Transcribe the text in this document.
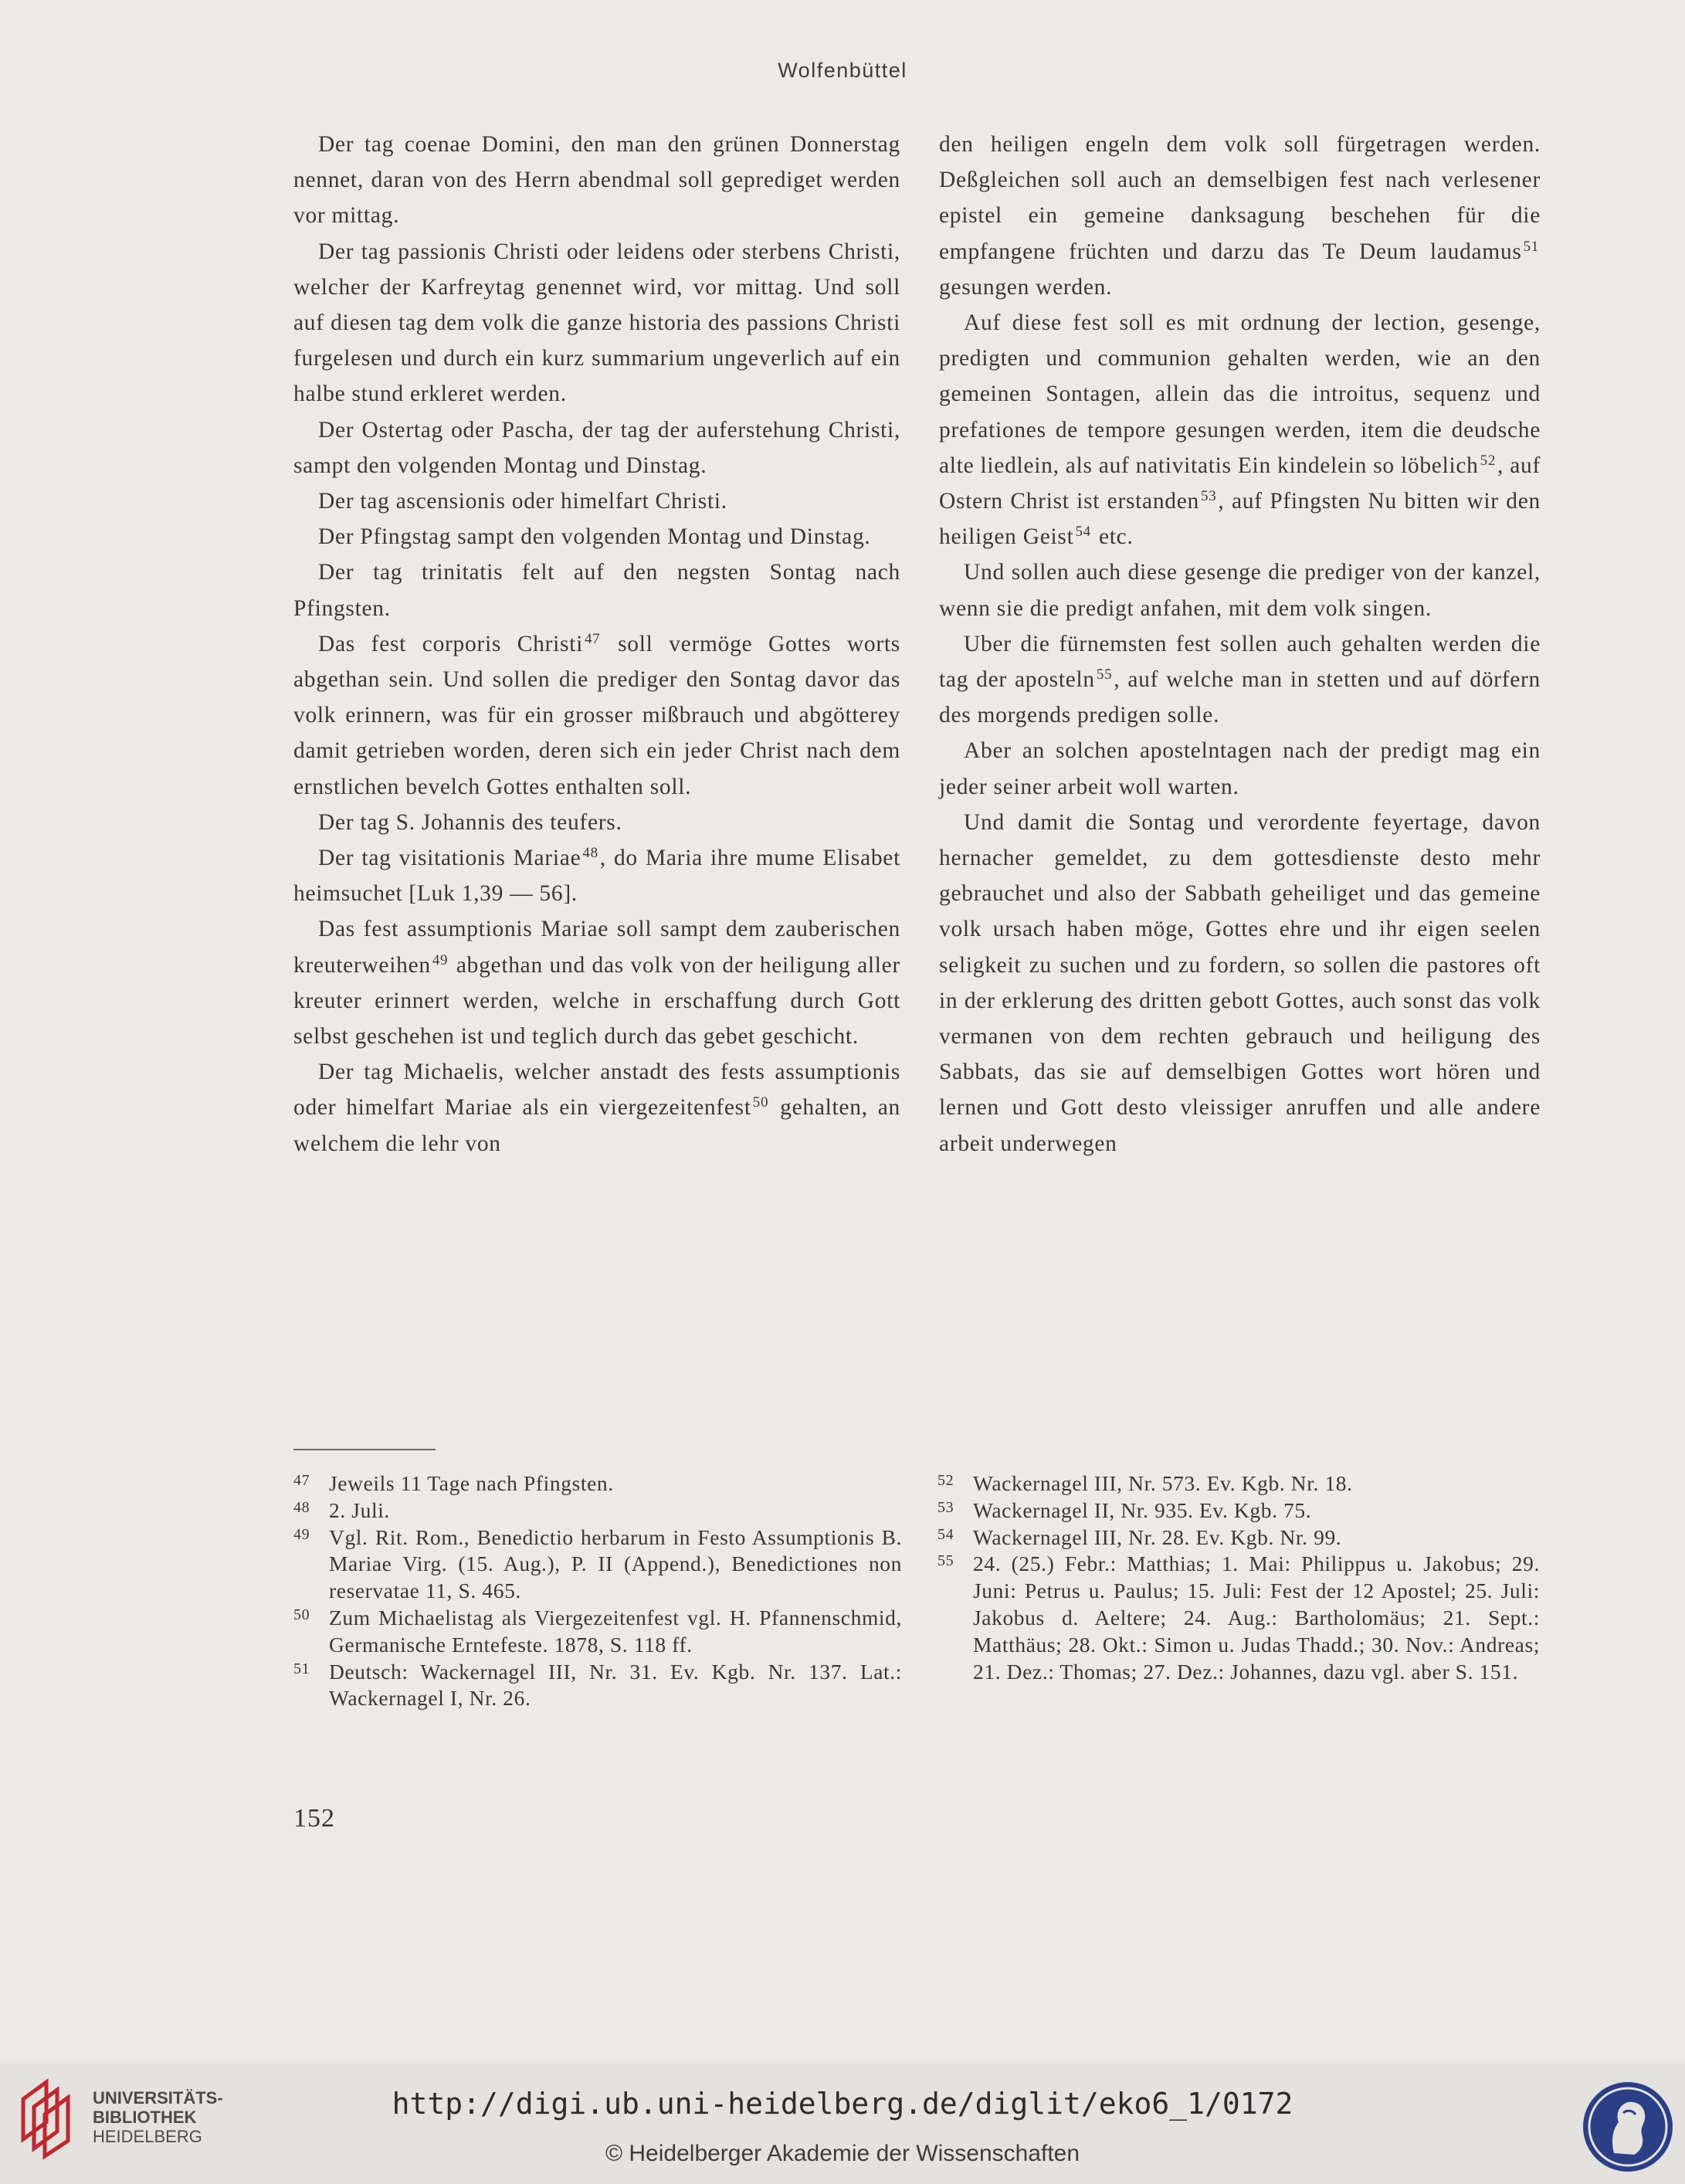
Wolfenbüttel

Der tag coenae Domini, den man den grünen Donnerstag nennet, daran von des Herrn abendmal soll geprediget werden vor mittag.

Der tag passionis Christi oder leidens oder sterbens Christi, welcher der Karfreytag genennet wird, vor mittag. Und soll auf diesen tag dem volk die ganze historia des passions Christi furgelesen und durch ein kurz summarium ungeverlich auf ein halbe stund erkleret werden.

Der Ostertag oder Pascha, der tag der auferstehung Christi, sampt den volgenden Montag und Dinstag.

Der tag ascensionis oder himelfart Christi.

Der Pfingstag sampt den volgenden Montag und Dinstag.

Der tag trinitatis felt auf den negsten Sontag nach Pfingsten.

Das fest corporis Christi $^{47}$ soll vermöge Gottes worts abgethan sein. Und sollen die prediger den Sontag davor das volk erinnern, was für ein grosser mißbrauch und abgötterey damit getrieben worden, deren sich ein jeder Christ nach dem ernstlichen bevelch Gottes enthalten soll.

Der tag S. Johannis des teufers.

Der tag visitationis Mariae $^{48}$, do Maria ihre mume Elisabet heimsuchet [Luk 1,39 — 56].

Das fest assumptionis Mariae soll sampt dem zauberischen kreuterweihen $^{49}$ abgethan und das volk von der heiligung aller kreuter erinnert werden, welche in erschaffung durch Gott selbst geschehen ist und teglich durch das gebet geschicht.

Der tag Michaelis, welcher anstadt des fests assumptionis oder himelfart Mariae als ein viergezeitenfest $^{50}$ gehalten, an welchem die lehr von

den heiligen engeln dem volk soll fürgetragen werden. Deßgleichen soll auch an demselbigen fest nach verlesener epistel ein gemeine danksagung beschehen für die empfangene früchten und darzu das Te Deum laudamus $^{51}$ gesungen werden.

Auf diese fest soll es mit ordnung der lection, gesenge, predigten und communion gehalten werden, wie an den gemeinen Sontagen, allein das die introitus, sequenz und prefationes de tempore gesungen werden, item die deudsche alte liedlein, als auf nativitatis Ein kindelein so löbelich $^{52}$, auf Ostern Christ ist erstanden $^{53}$, auf Pfingsten Nu bitten wir den heiligen Geist $^{54}$ etc.

Und sollen auch diese gesenge die prediger von der kanzel, wenn sie die predigt anfahen, mit dem volk singen.

Uber die fürnemsten fest sollen auch gehalten werden die tag der aposteln $^{55}$, auf welche man in stetten und auf dörfern des morgends predigen solle.

Aber an solchen apostelntagen nach der predigt mag ein jeder seiner arbeit woll warten.

Und damit die Sontag und verordente feyertage, davon hernacher gemeldet, zu dem gottesdienste desto mehr gebrauchet und also der Sabbath geheiliget und das gemeine volk ursach haben möge, Gottes ehre und ihr eigen seelen seligkeit zu suchen und zu fordern, so sollen die pastores oft in der erklerung des dritten gebott Gottes, auch sonst das volk vermanen von dem rechten gebrauch und heiligung des Sabbats, das sie auf demselbigen Gottes wort hören und lernen und Gott desto vleissiger anruffen und alle andere arbeit underwegen

47 Jeweils 11 Tage nach Pfingsten.
48 2. Juli.
49 Vgl. Rit. Rom., Benedictio herbarum in Festo Assumptionis B. Mariae Virg. (15. Aug.), P. II (Append.), Benedictiones non reservatae 11, S. 465.
50 Zum Michaelistag als Viergezeitenfest vgl. H. Pfannenschmid, Germanische Erntefeste. 1878, S. 118 ff.
51 Deutsch: Wackernagel III, Nr. 31. Ev. Kgb. Nr. 137. Lat.: Wackernagel I, Nr. 26.
52 Wackernagel III, Nr. 573. Ev. Kgb. Nr. 18.
53 Wackernagel II, Nr. 935. Ev. Kgb. 75.
54 Wackernagel III, Nr. 28. Ev. Kgb. Nr. 99.
55 24. (25.) Febr.: Matthias; 1. Mai: Philippus u. Jakobus; 29. Juni: Petrus u. Paulus; 15. Juli: Fest der 12 Apostel; 25. Juli: Jakobus d. Aeltere; 24. Aug.: Bartholomäus; 21. Sept.: Matthäus; 28. Okt.: Simon u. Judas Thadd.; 30. Nov.: Andreas; 21. Dez.: Thomas; 27. Dez.: Johannes, dazu vgl. aber S. 151.
152
UNIVERSITÄTS-
BIBLIOTHEK
HEIDELBERG
http://digi.ub.uni-heidelberg.de/diglit/eko6_1/0172
© Heidelberger Akademie der Wissenschaften
